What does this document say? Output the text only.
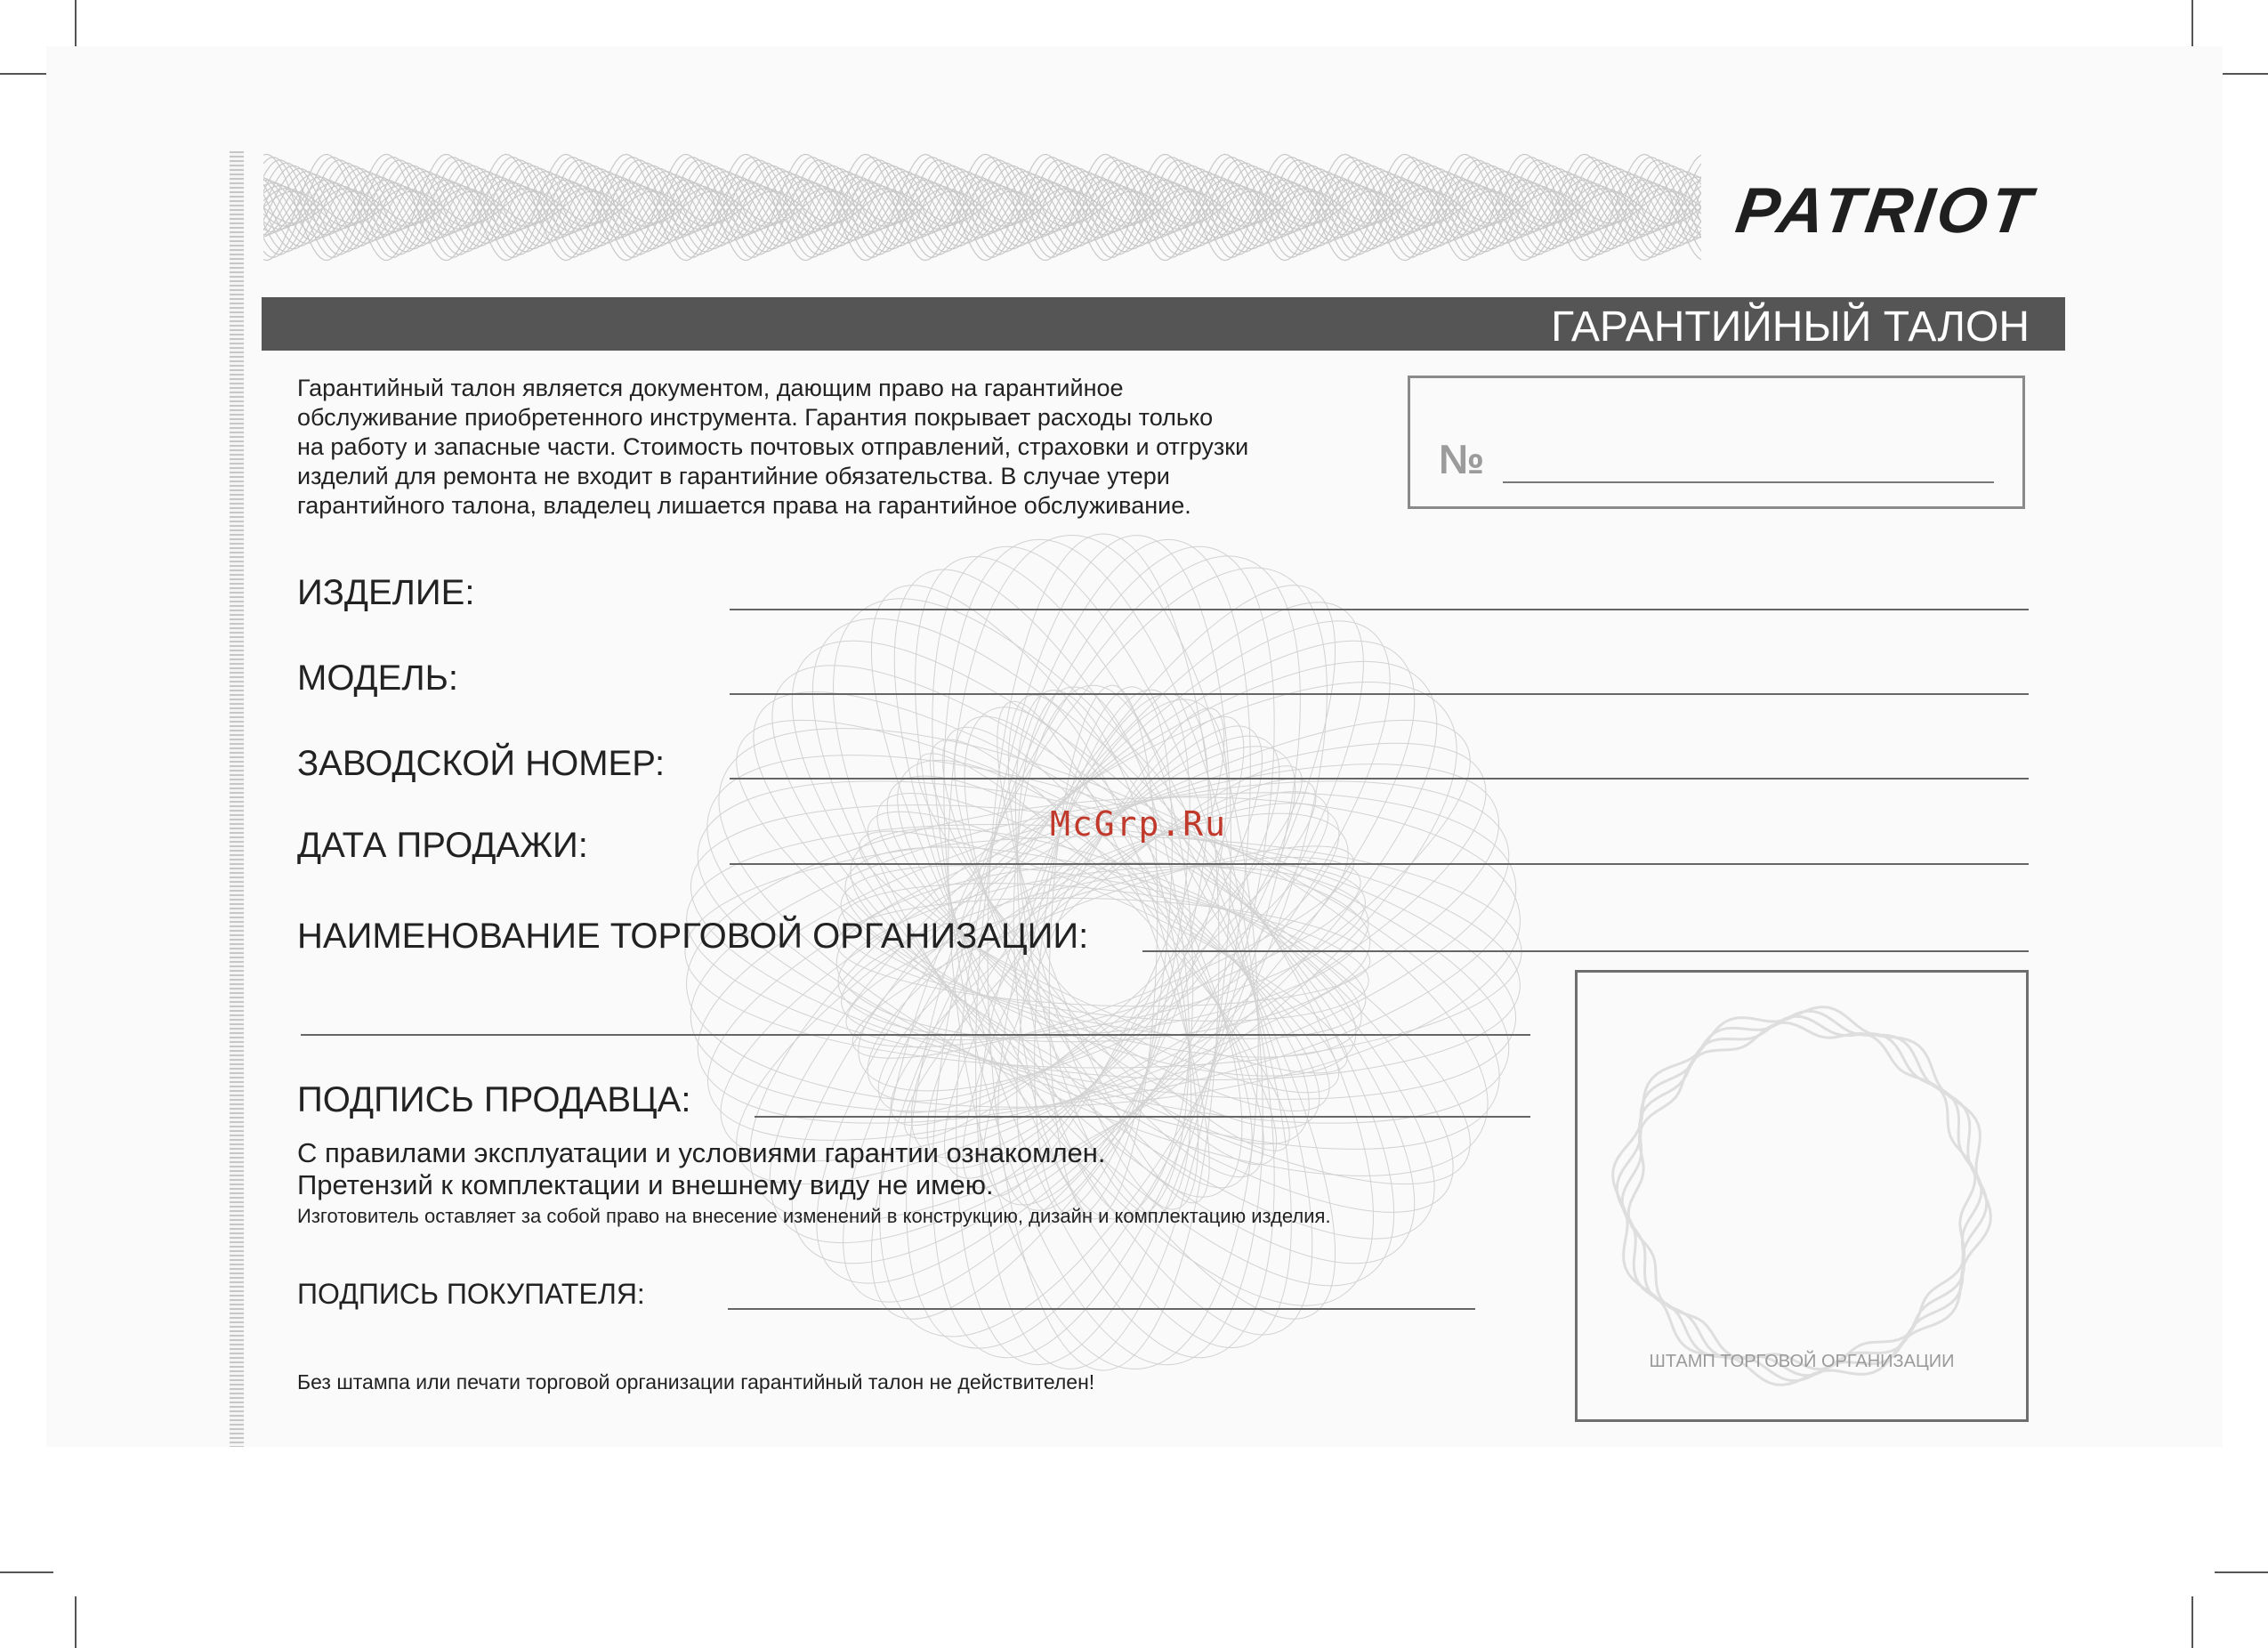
PATRIOT
ГАРАНТИЙНЫЙ ТАЛОН
Гарантийный талон является документом, дающим право на гарантийное
обслуживание приобретенного инструмента. Гарантия покрывает расходы только
на работу и запасные части. Стоимость почтовых отправлений, страховки и отгрузки
изделий для ремонта не входит в гарантийние обязательства. В случае утери
гарантийного талона, владелец лишается права на гарантийное обслуживание.
№
ИЗДЕЛИЕ:
МОДЕЛЬ:
ЗАВОДСКОЙ НОМЕР:
ДАТА ПРОДАЖИ:
НАИМЕНОВАНИЕ ТОРГОВОЙ ОРГАНИЗАЦИИ:
ПОДПИСЬ ПРОДАВЦА:
С правилами эксплуатации и условиями гарантии ознакомлен.
Претензий к комплектации и внешнему виду не имею.
Изготовитель оставляет за собой право на внесение изменений в конструкцию, дизайн и комплектацию изделия.
ПОДПИСЬ ПОКУПАТЕЛЯ:
Без штампа или печати торговой организации гарантийный талон не действителен!
ШТАМП ТОРГОВОЙ ОРГАНИЗАЦИИ
McGrp.Ru
